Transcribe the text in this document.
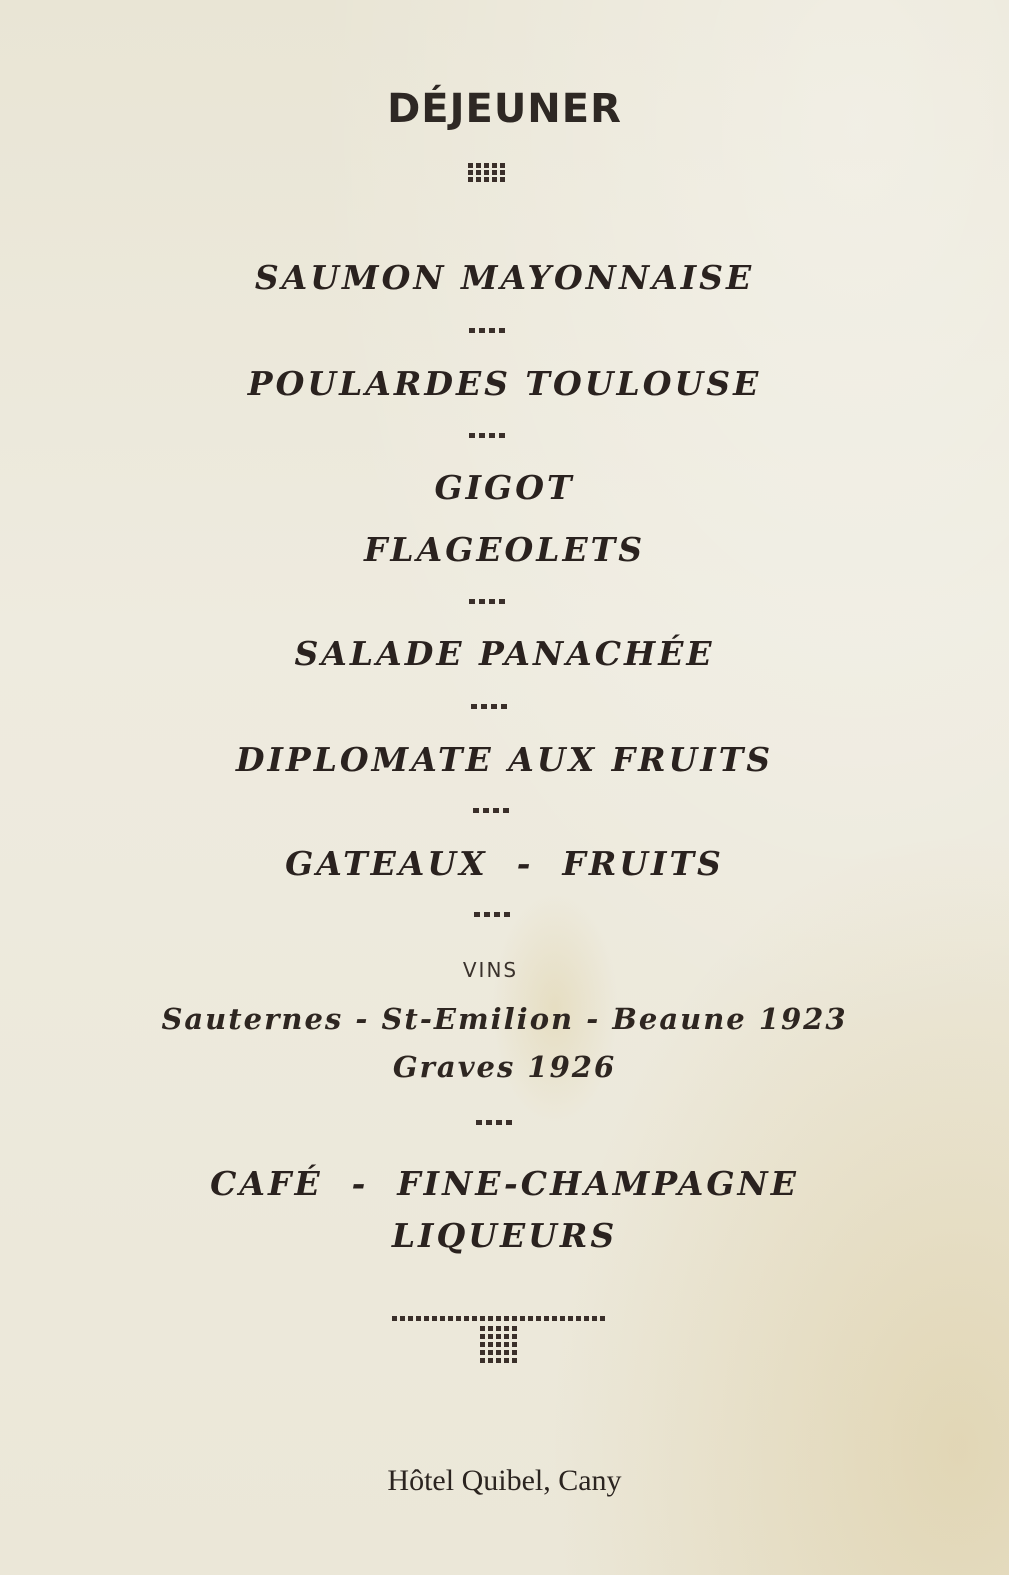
DÉJEUNER
SAUMON MAYONNAISE
POULARDES TOULOUSE
GIGOT
FLAGEOLETS
SALADE PANACHÉE
DIPLOMATE AUX FRUITS
GATEAUX  -  FRUITS
VINS
Sauternes - St-Emilion - Beaune 1923
Graves 1926
CAFÉ  -  FINE-CHAMPAGNE
LIQUEURS
Hôtel Quibel, Cany
